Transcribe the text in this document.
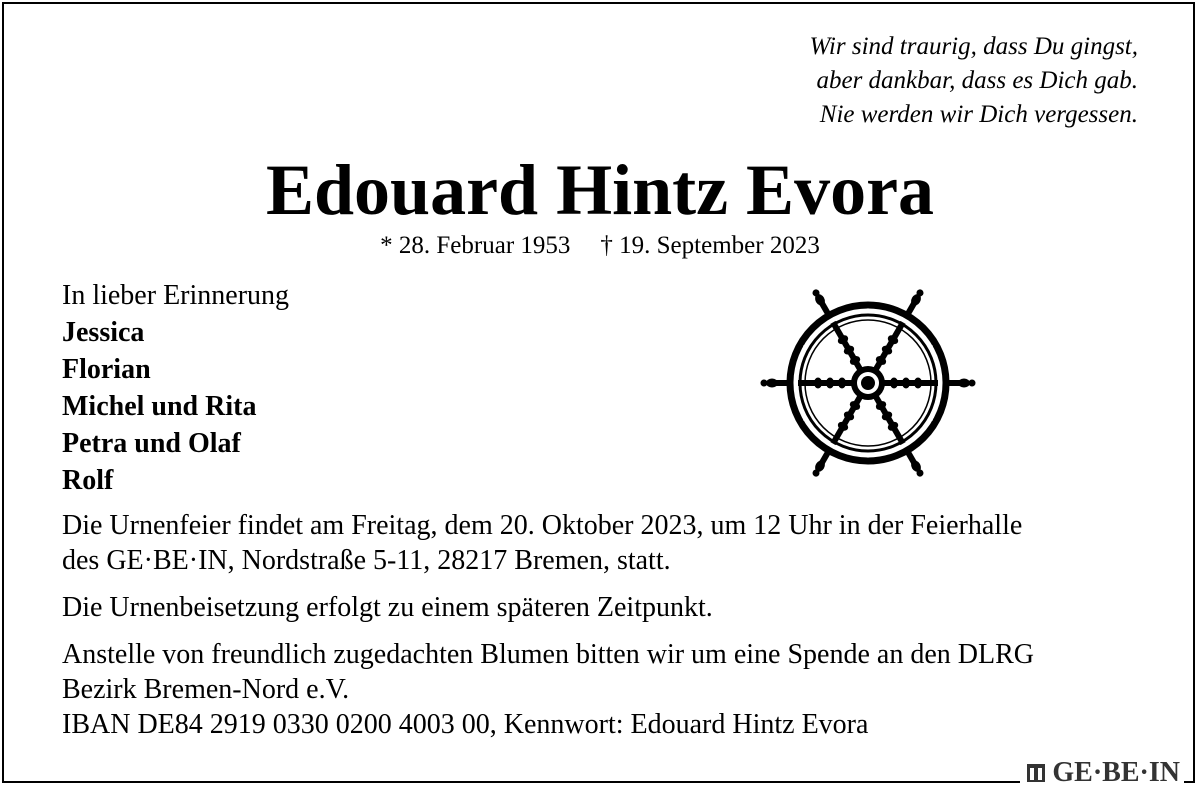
Wir sind traurig, dass Du gingst,
aber dankbar, dass es Dich gab.
Nie werden wir Dich vergessen.
Edouard Hintz Evora
* 28. Februar 1953 † 19. September 2023
In lieber Erinnerung
Jessica
Florian
Michel und Rita
Petra und Olaf
Rolf

Die Urnenfeier findet am Freitag, dem 20. Oktober 2023, um 12 Uhr in der Feierhalle
des GE·BE·IN, Nordstraße 5-11, 28217 Bremen, statt.

Die Urnenbeisetzung erfolgt zu einem späteren Zeitpunkt.

Anstelle von freundlich zugedachten Blumen bitten wir um eine Spende an den DLRG
Bezirk Bremen-Nord e.V.
IBAN DE84 2919 0330 0200 4003 00, Kennwort: Edouard Hintz Evora

GE·BE·IN
